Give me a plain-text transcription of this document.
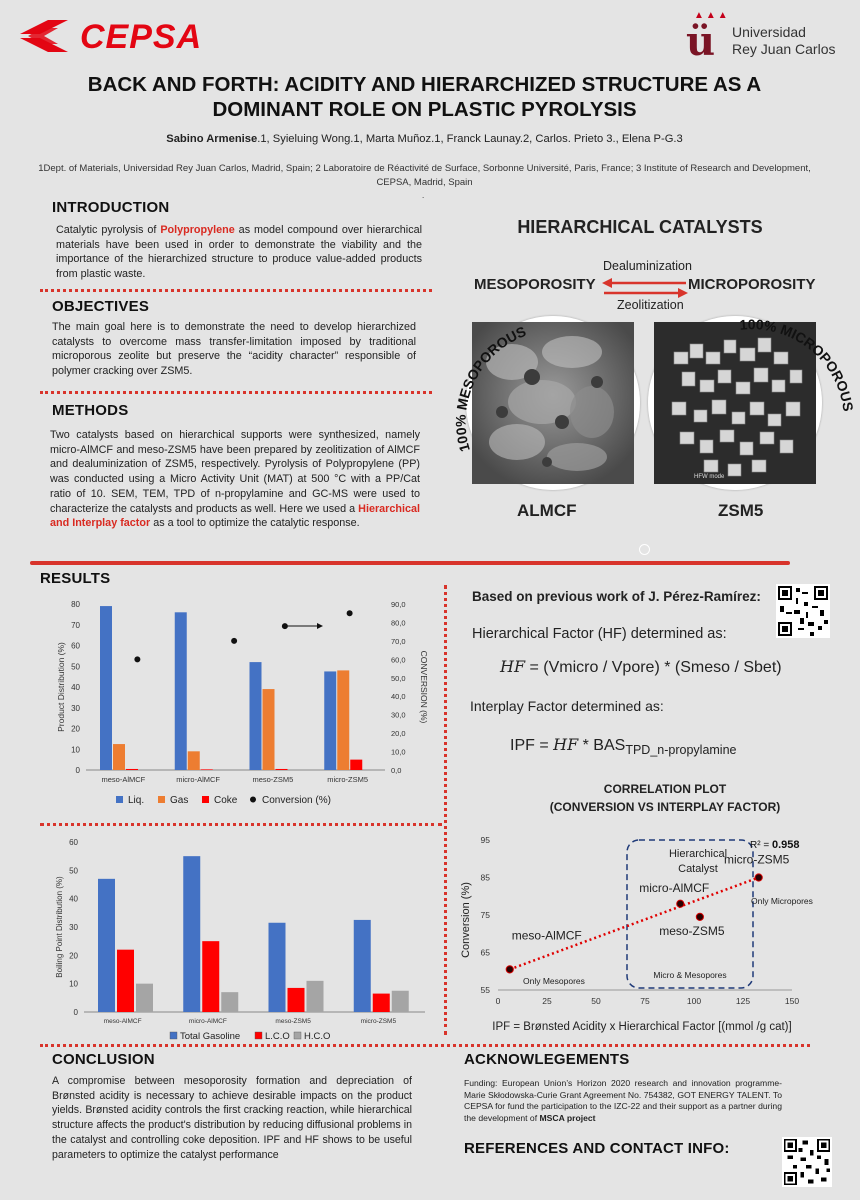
CEPSA
▲▲▲
ü Universidad
Rey Juan Carlos
BACK AND FORTH: ACIDITY AND HIERARCHIZED STRUCTURE AS A
DOMINANT ROLE ON PLASTIC PYROLYSIS
Sabino Armenise.1, Syieluing Wong.1, Marta Muñoz.1, Franck Launay.2, Carlos. Prieto 3., Elena P-G.3
1Dept. of Materials, Universidad Rey Juan Carlos, Madrid, Spain; 2 Laboratoire de Réactivité de Surface, Sorbonne Université, Paris, France; 3 Institute of Research and Development, CEPSA, Madrid, Spain
.
INTRODUCTION
Catalytic pyrolysis of Polypropylene as model compound over hierarchical materials have been used in order to demonstrate the viability and the importance of the hierarchized structure to produce value-added products from plastic waste.
OBJECTIVES
The main goal here is to demonstrate the need to develop hierarchized catalysts to overcome mass transfer-limitation imposed by traditional microporous zeolite but preserve the “acidity character” responsible of polymer cracking over ZSM5.
METHODS
Two catalysts based on hierarchical supports were synthesized, namely micro-AlMCF and meso-ZSM5 have been prepared by zeolitization of AlMCF and dealuminization of ZSM5, respectively. Pyrolysis of Polypropylene (PP) was conducted using a Micro Activity Unit (MAT) at 500 °C with a PP/Cat ratio of 10. SEM, TEM, TPD of n-propylamine and GC-MS were used to characterize the catalysts and products as well. Here we used a Hierarchical and Interplay factor as a tool to optimize the catalytic response.
HIERARCHICAL CATALYSTS
Dealuminization
MESOPOROSITY	MICROPOROSITY
Zeolitization
HFW mode
100% MESOPOROUS	100% MICROPOROUS
ALMCF	ZSM5
RESULTS
0
10
20
30
40
50
60
70
80
0,0
10,0
20,0
30,0
40,0
50,0
60,0
70,0
80,0
90,0
Product Distribution (%)	CONVERSION (%)
meso-AlMCF	micro-AlMCF	meso-ZSM5	micro-ZSM5
Liq.	Gas	Coke Conversion (%)
0
10
20
30
40
50
60
Boiling Point Distribution (%)
meso-AlMCF	micro-AlMCF	meso-ZSM5	micro-ZSM5
Total Gasoline	L.C.O H.C.O
Based on previous work of J. Pérez-Ramírez:
Hierarchical Factor (HF) determined as:
HF = (Vmicro / Vpore) * (Smeso / Sbet)
Interplay Factor determined as:
IPF = HF * $BAS_{TPD\_n-propylamine}$
CORRELATION PLOT
(CONVERSION VS INTERPLAY FACTOR)
55
65
75
85
95
0	25	50	75	100	125	150
Conversion (%)
IPF = Brønsted Acidity x Hierarchical Factor [(mmol /g cat)]
Hierarchical
Catalyst
Micro & Mesopores
R² = 0.958
meso-AlMCF
micro-AlMCF
meso-ZSM5
micro-ZSM5
Only Mesopores
Only Micropores
CONCLUSION
A compromise between mesoporosity formation and depreciation of Brønsted acidity is necessary to achieve desirable impacts on the product yields. Brønsted acidity controls the first cracking reaction, while hierarchical structure affects the product's distribution by reducing diffusional problems in the catalyst and controlling coke deposition. IPF and HF shows to be useful parameters to optimize the catalyst performance
ACKNOWLEGEMENTS
Funding: European Union’s Horizon 2020 research and innovation programme-Marie Skłodowska-Curie Grant Agreement No. 754382, GOT ENERGY TALENT. To CEPSA for fund the participation to the IZC-22 and their support as a partner during the development of MSCA project
REFERENCES AND CONTACT INFO:
